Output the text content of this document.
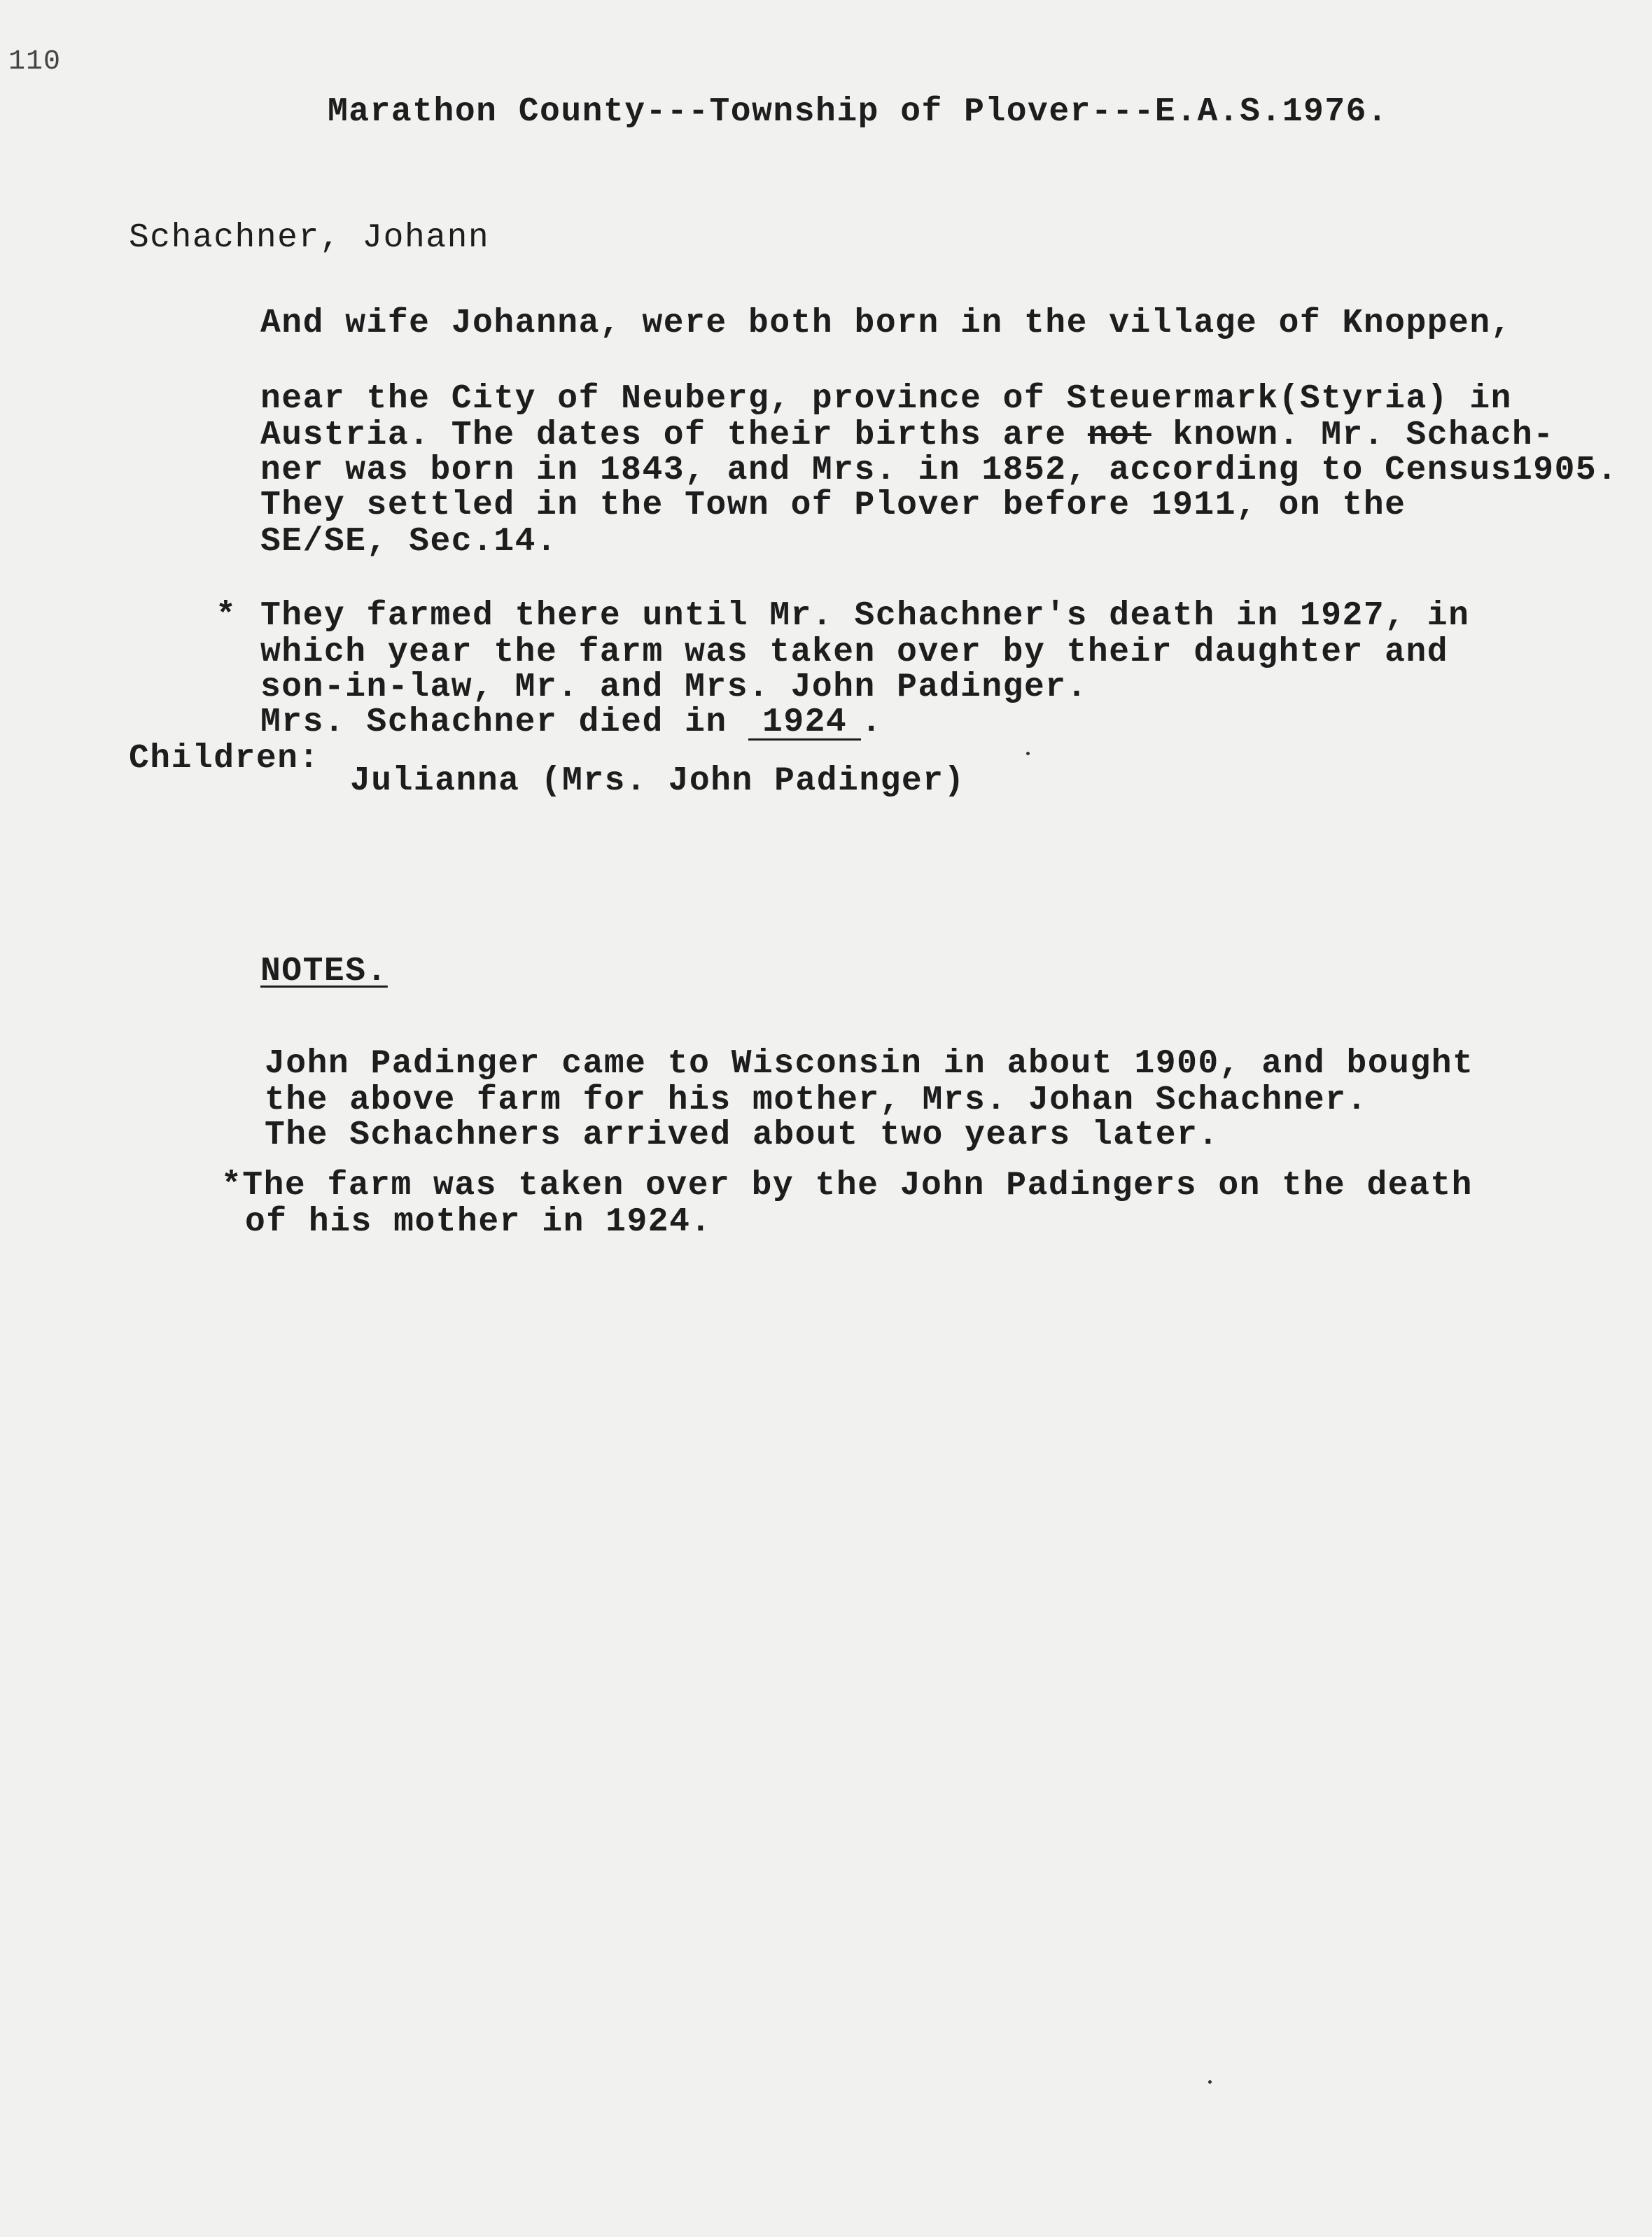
110
Marathon County---Township of Plover---E.A.S.1976.
Schachner, Johann
And wife Johanna, were both born in the village of Knoppen,
near the City of Neuberg, province of Steuermark(Styria) in
Austria. The dates of their births are not known. Mr. Schach-
ner was born in 1843, and Mrs. in 1852, according to Census1905.
They settled in the Town of Plover before 1911, on the
SE/SE, Sec.14.
* They farmed there until Mr. Schachner's death in 1927, in
which year the farm was taken over by their daughter and
son-in-law, Mr. and Mrs. John Padinger.
Mrs. Schachner died in 1924 .
Children:
Julianna (Mrs. John Padinger)
NOTES.
John Padinger came to Wisconsin in about 1900, and bought
the above farm for his mother, Mrs. Johan Schachner.
The Schachners arrived about two years later.
*The farm was taken over by the John Padingers on the death
of his mother in 1924.
